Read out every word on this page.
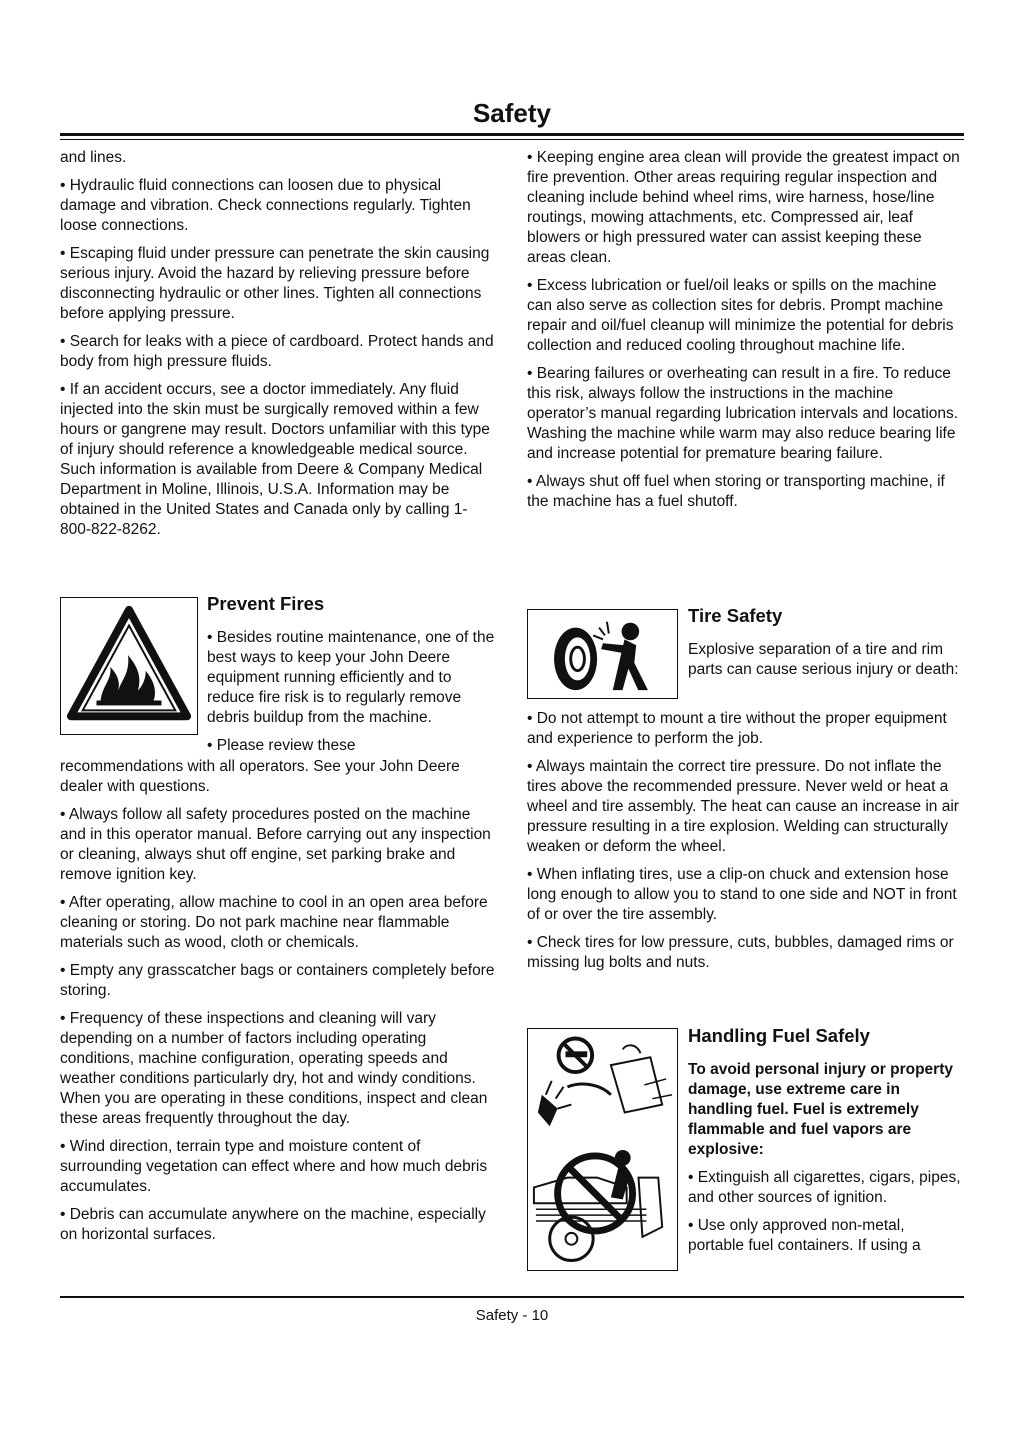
Safety

and lines.

• Hydraulic fluid connections can loosen due to physical damage and vibration. Check connections regularly. Tighten loose connections.

• Escaping fluid under pressure can penetrate the skin causing serious injury. Avoid the hazard by relieving pressure before disconnecting hydraulic or other lines. Tighten all connections before applying pressure.

• Search for leaks with a piece of cardboard. Protect hands and body from high pressure fluids.

• If an accident occurs, see a doctor immediately. Any fluid injected into the skin must be surgically removed within a few hours or gangrene may result. Doctors unfamiliar with this type of injury should reference a knowledgeable medical source. Such information is available from Deere & Company Medical Department in Moline, Illinois, U.S.A. Information may be obtained in the United States and Canada only by calling 1-800-822-8262.

• Keeping engine area clean will provide the greatest impact on fire prevention. Other areas requiring regular inspection and cleaning include behind wheel rims, wire harness, hose/line routings, mowing attachments, etc. Compressed air, leaf blowers or high pressured water can assist keeping these areas clean.

• Excess lubrication or fuel/oil leaks or spills on the machine can also serve as collection sites for debris. Prompt machine repair and oil/fuel cleanup will minimize the potential for debris collection and reduced cooling throughout machine life.

• Bearing failures or overheating can result in a fire. To reduce this risk, always follow the instructions in the machine operator’s manual regarding lubrication intervals and locations. Washing the machine while warm may also reduce bearing life and increase potential for premature bearing failure.

• Always shut off fuel when storing or transporting machine, if the machine has a fuel shutoff.

Prevent Fires

• Besides routine maintenance, one of the best ways to keep your John Deere equipment running efficiently and to reduce fire risk is to regularly remove debris buildup from the machine.

• Please review these

recommendations with all operators. See your John Deere dealer with questions.

• Always follow all safety procedures posted on the machine and in this operator manual. Before carrying out any inspection or cleaning, always shut off engine, set parking brake and remove ignition key.

• After operating, allow machine to cool in an open area before cleaning or storing. Do not park machine near flammable materials such as wood, cloth or chemicals.

• Empty any grasscatcher bags or containers completely before storing.

• Frequency of these inspections and cleaning will vary depending on a number of factors including operating conditions, machine configuration, operating speeds and weather conditions particularly dry, hot and windy conditions. When you are operating in these conditions, inspect and clean these areas frequently throughout the day.

• Wind direction, terrain type and moisture content of surrounding vegetation can effect where and how much debris accumulates.

• Debris can accumulate anywhere on the machine, especially on horizontal surfaces.

Tire Safety

Explosive separation of a tire and rim parts can cause serious injury or death:

• Do not attempt to mount a tire without the proper equipment and experience to perform the job.

• Always maintain the correct tire pressure. Do not inflate the tires above the recommended pressure. Never weld or heat a wheel and tire assembly. The heat can cause an increase in air pressure resulting in a tire explosion. Welding can structurally weaken or deform the wheel.

• When inflating tires, use a clip-on chuck and extension hose long enough to allow you to stand to one side and NOT in front of or over the tire assembly.

• Check tires for low pressure, cuts, bubbles, damaged rims or missing lug bolts and nuts.

Handling Fuel Safely

To avoid personal injury or property damage, use extreme care in handling fuel. Fuel is extremely flammable and fuel vapors are explosive:

• Extinguish all cigarettes, cigars, pipes, and other sources of ignition.

• Use only approved non-metal, portable fuel containers. If using a

Safety - 10
